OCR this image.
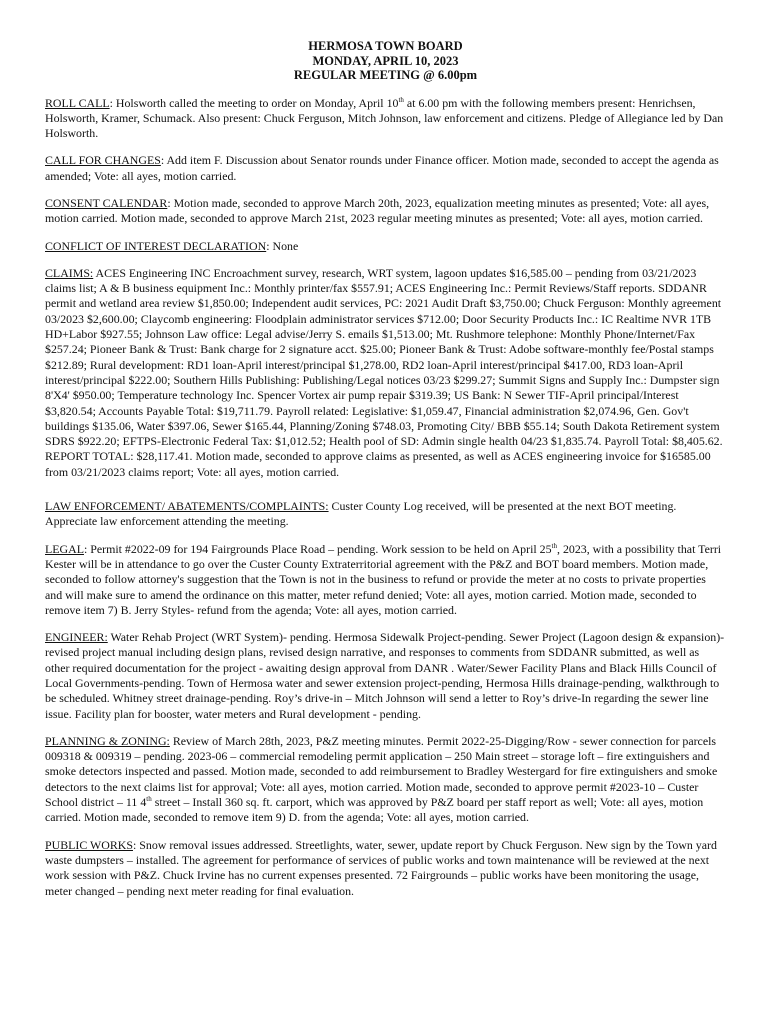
HERMOSA TOWN BOARD
MONDAY, APRIL 10, 2023
REGULAR MEETING @ 6.00pm

ROLL CALL: Holsworth called the meeting to order on Monday, April 10th at 6.00 pm with the following members present: Henrichsen, Holsworth, Kramer, Schumack. Also present: Chuck Ferguson, Mitch Johnson, law enforcement and citizens. Pledge of Allegiance led by Dan Holsworth.

CALL FOR CHANGES: Add item F. Discussion about Senator rounds under Finance officer. Motion made, seconded to accept the agenda as amended; Vote: all ayes, motion carried.

CONSENT CALENDAR: Motion made, seconded to approve March 20th, 2023, equalization meeting minutes as presented; Vote: all ayes, motion carried. Motion made, seconded to approve March 21st, 2023 regular meeting minutes as presented; Vote: all ayes, motion carried.

CONFLICT OF INTEREST DECLARATION: None

CLAIMS: ACES Engineering INC Encroachment survey, research, WRT system, lagoon updates $16,585.00 – pending from 03/21/2023 claims list; A & B business equipment Inc.: Monthly printer/fax $557.91; ACES Engineering Inc.: Permit Reviews/Staff reports. SDDANR permit and wetland area review $1,850.00; Independent audit services, PC: 2021 Audit Draft $3,750.00; Chuck Ferguson: Monthly agreement 03/2023 $2,600.00; Claycomb engineering: Floodplain administrator services $712.00; Door Security Products Inc.: IC Realtime NVR 1TB HD+Labor $927.55; Johnson Law office: Legal advise/Jerry S. emails $1,513.00; Mt. Rushmore telephone: Monthly Phone/Internet/Fax $257.24; Pioneer Bank & Trust: Bank charge for 2 signature acct. $25.00; Pioneer Bank & Trust: Adobe software-monthly fee/Postal stamps $212.89; Rural development: RD1 loan-April interest/principal $1,278.00, RD2 loan-April interest/principal $417.00, RD3 loan-April interest/principal $222.00; Southern Hills Publishing: Publishing/Legal notices 03/23 $299.27; Summit Signs and Supply Inc.: Dumpster sign 8'X4' $950.00; Temperature technology Inc. Spencer Vortex air pump repair $319.39; US Bank: N Sewer TIF-April principal/Interest $3,820.54; Accounts Payable Total: $19,711.79. Payroll related: Legislative: $1,059.47, Financial administration $2,074.96, Gen. Gov't buildings $135.06, Water $397.06, Sewer $165.44, Planning/Zoning $748.03, Promoting City/ BBB $55.14; South Dakota Retirement system SDRS $922.20; EFTPS-Electronic Federal Tax: $1,012.52; Health pool of SD: Admin single health 04/23 $1,835.74. Payroll Total: $8,405.62. REPORT TOTAL: $28,117.41. Motion made, seconded to approve claims as presented, as well as ACES engineering invoice for $16585.00 from 03/21/2023 claims report; Vote: all ayes, motion carried.

LAW ENFORCEMENT/ ABATEMENTS/COMPLAINTS: Custer County Log received, will be presented at the next BOT meeting. Appreciate law enforcement attending the meeting.

LEGAL: Permit #2022-09 for 194 Fairgrounds Place Road – pending. Work session to be held on April 25th, 2023, with a possibility that Terri Kester will be in attendance to go over the Custer County Extraterritorial agreement with the P&Z and BOT board members. Motion made, seconded to follow attorney's suggestion that the Town is not in the business to refund or provide the meter at no costs to private properties and will make sure to amend the ordinance on this matter, meter refund denied; Vote: all ayes, motion carried. Motion made, seconded to remove item 7) B. Jerry Styles- refund from the agenda; Vote: all ayes, motion carried.

ENGINEER: Water Rehab Project (WRT System)- pending. Hermosa Sidewalk Project-pending. Sewer Project (Lagoon design & expansion)- revised project manual including design plans, revised design narrative, and responses to comments from SDDANR submitted, as well as other required documentation for the project - awaiting design approval from DANR . Water/Sewer Facility Plans and Black Hills Council of Local Governments-pending. Town of Hermosa water and sewer extension project-pending, Hermosa Hills drainage-pending, walkthrough to be scheduled. Whitney street drainage-pending. Roy’s drive-in – Mitch Johnson will send a letter to Roy’s drive-In regarding the sewer line issue. Facility plan for booster, water meters and Rural development - pending.

PLANNING & ZONING: Review of March 28th, 2023, P&Z meeting minutes. Permit 2022-25-Digging/Row - sewer connection for parcels 009318 & 009319 – pending. 2023-06 – commercial remodeling permit application – 250 Main street – storage loft – fire extinguishers and smoke detectors inspected and passed. Motion made, seconded to add reimbursement to Bradley Westergard for fire extinguishers and smoke detectors to the next claims list for approval; Vote: all ayes, motion carried. Motion made, seconded to approve permit #2023-10 – Custer School district – 11 4th street – Install 360 sq. ft. carport, which was approved by P&Z board per staff report as well; Vote: all ayes, motion carried. Motion made, seconded to remove item 9) D. from the agenda; Vote: all ayes, motion carried.

PUBLIC WORKS: Snow removal issues addressed. Streetlights, water, sewer, update report by Chuck Ferguson. New sign by the Town yard waste dumpsters – installed. The agreement for performance of services of public works and town maintenance will be reviewed at the next work session with P&Z. Chuck Irvine has no current expenses presented. 72 Fairgrounds – public works have been monitoring the usage, meter changed – pending next meter reading for final evaluation.
